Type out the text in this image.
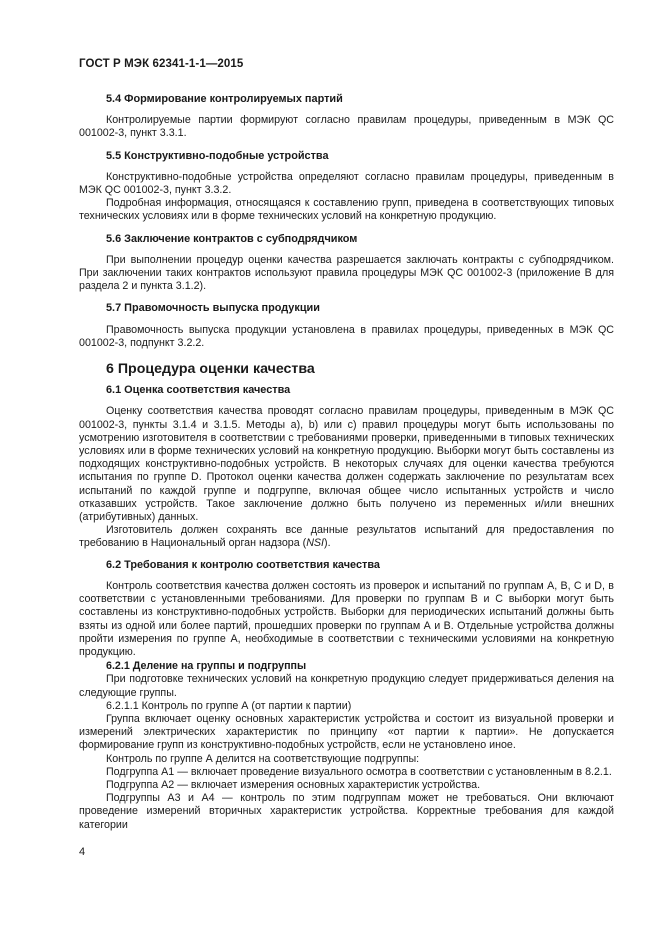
ГОСТ Р МЭК 62341-1-1—2015

5.4 Формирование контролируемых партий

Контролируемые партии формируют согласно правилам процедуры, приведенным в МЭК QC 001002-3, пункт 3.3.1.

5.5 Конструктивно-подобные устройства

Конструктивно-подобные устройства определяют согласно правилам процедуры, приведенным в МЭК QC 001002-3, пункт 3.3.2.

Подробная информация, относящаяся к составлению групп, приведена в соответствующих типовых технических условиях или в форме технических условий на конкретную продукцию.

5.6 Заключение контрактов с субподрядчиком

При выполнении процедур оценки качества разрешается заключать контракты с субподрядчиком. При заключении таких контрактов используют правила процедуры МЭК QC 001002-3 (приложение В для раздела 2 и пункта 3.1.2).

5.7 Правомочность выпуска продукции

Правомочность выпуска продукции установлена в правилах процедуры, приведенных в МЭК QC 001002-3, подпункт 3.2.2.

6 Процедура оценки качества

6.1 Оценка соответствия качества

Оценку соответствия качества проводят согласно правилам процедуры, приведенным в МЭК QC 001002-3, пункты 3.1.4 и 3.1.5. Методы а), b) или с) правил процедуры могут быть использованы по усмотрению изготовителя в соответствии с требованиями проверки, приведенными в типовых технических условиях или в форме технических условий на конкретную продукцию. Выборки могут быть составлены из подходящих конструктивно-подобных устройств. В некоторых случаях для оценки качества требуются испытания по группе D. Протокол оценки качества должен содержать заключение по результатам всех испытаний по каждой группе и подгруппе, включая общее число испытанных устройств и число отказавших устройств. Такое заключение должно быть получено из переменных и/или внешних (атрибутивных) данных.

Изготовитель должен сохранять все данные результатов испытаний для предоставления по требованию в Национальный орган надзора (NSI).

6.2 Требования к контролю соответствия качества

Контроль соответствия качества должен состоять из проверок и испытаний по группам А, В, С и D, в соответствии с установленными требованиями. Для проверки по группам В и С выборки могут быть составлены из конструктивно-подобных устройств. Выборки для периодических испытаний должны быть взяты из одной или более партий, прошедших проверки по группам А и В. Отдельные устройства должны пройти измерения по группе А, необходимые в соответствии с техническими условиями на конкретную продукцию.

6.2.1 Деление на группы и подгруппы

При подготовке технических условий на конкретную продукцию следует придерживаться деления на следующие группы.

6.2.1.1 Контроль по группе А (от партии к партии)

Группа включает оценку основных характеристик устройства и состоит из визуальной проверки и измерений электрических характеристик по принципу «от партии к партии». Не допускается формирование групп из конструктивно-подобных устройств, если не установлено иное.

Контроль по группе А делится на соответствующие подгруппы:

Подгруппа А1 — включает проведение визуального осмотра в соответствии с установленным в 8.2.1.

Подгруппа А2 — включает измерения основных характеристик устройства.

Подгруппы А3 и А4 — контроль по этим подгруппам может не требоваться. Они включают проведение измерений вторичных характеристик устройства. Корректные требования для каждой категории

4
